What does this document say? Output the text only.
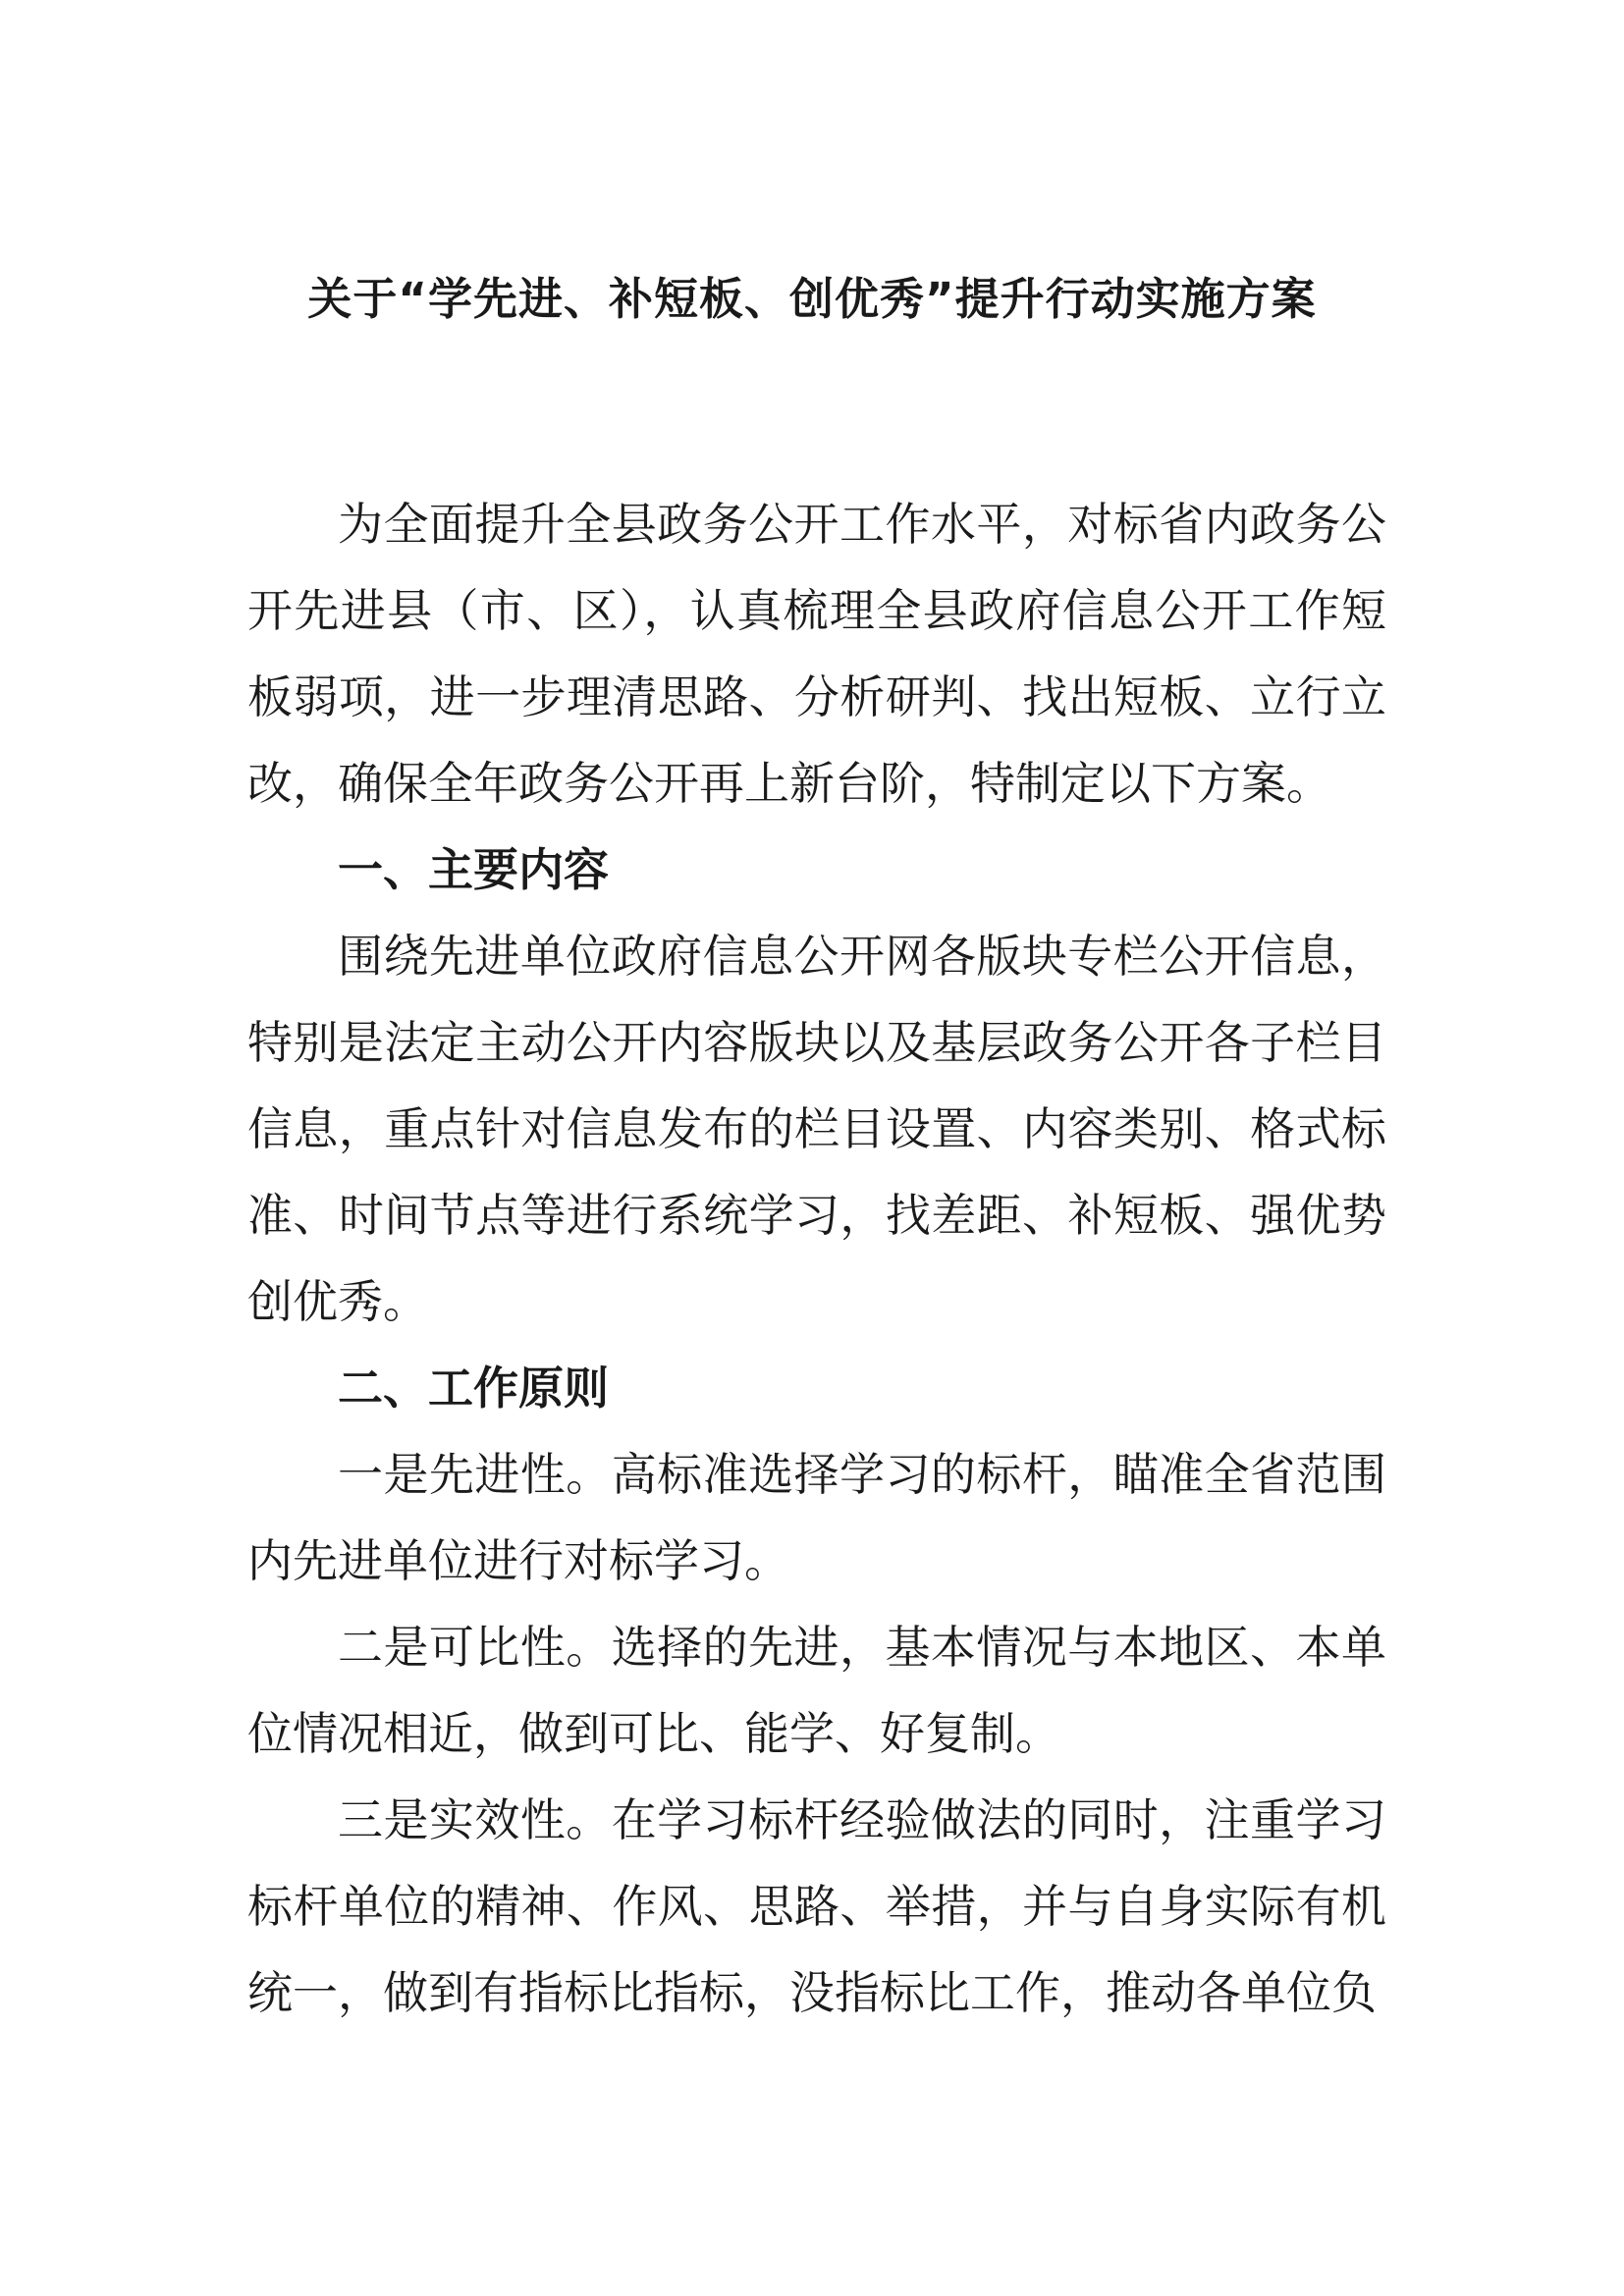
关于“学先进、补短板、创优秀”提升行动实施方案

为全面提升全县政务公开工作水平，对标省内政务公开先进县（市、区），认真梳理全县政府信息公开工作短板弱项，进一步理清思路、分析研判、找出短板、立行立改，确保全年政务公开再上新台阶，特制定以下方案。

一、主要内容

围绕先进单位政府信息公开网各版块专栏公开信息，特别是法定主动公开内容版块以及基层政务公开各子栏目信息，重点针对信息发布的栏目设置、内容类别、格式标准、时间节点等进行系统学习，找差距、补短板、强优势创优秀。

二、工作原则

一是先进性。高标准选择学习的标杆，瞄准全省范围内先进单位进行对标学习。

二是可比性。选择的先进，基本情况与本地区、本单位情况相近，做到可比、能学、好复制。

三是实效性。在学习标杆经验做法的同时，注重学习标杆单位的精神、作风、思路、举措，并与自身实际有机统一，做到有指标比指标，没指标比工作，推动各单位负
